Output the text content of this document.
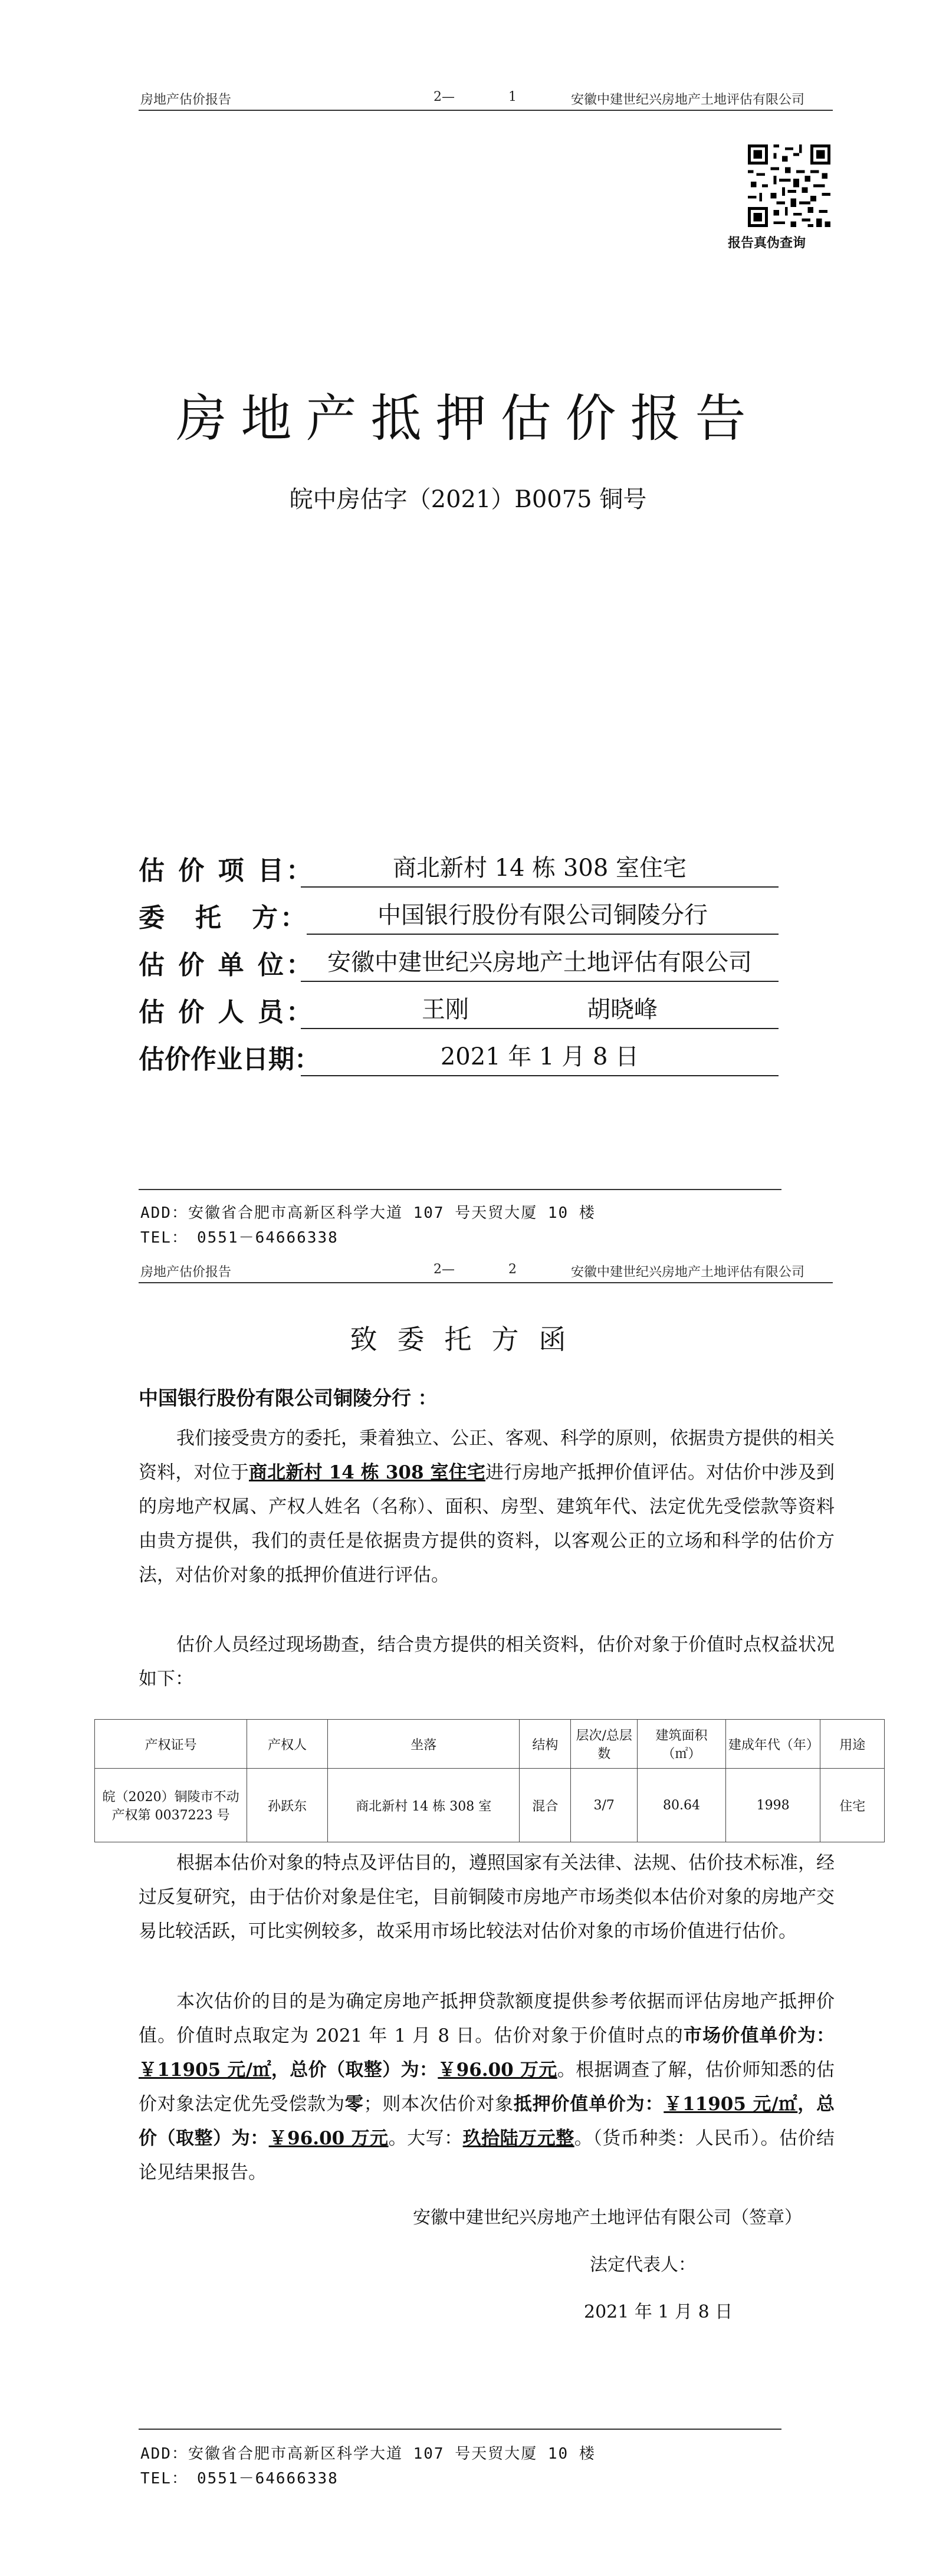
房地产估价报告	2—	1	安徽中建世纪兴房地产土地评估有限公司
报告真伪查询
房地产抵押估价报告
皖中房估字（2021）B0075 铜号
估 价 项 目：	商北新村 14 栋 308 室住宅
委　托　方：	中国银行股份有限公司铜陵分行
估 价 单 位： 安徽中建世纪兴房地产土地评估有限公司
估 价 人 员：	王刚　　　　　胡晓峰
估价作业日期：	2021 年 1 月 8 日
ADD：安徽省合肥市高新区科学大道 107 号天贸大厦 10 楼
TEL：　0551－64666338
房地产估价报告	2—	2	安徽中建世纪兴房地产土地评估有限公司
致委托方函
中国银行股份有限公司铜陵分行 ：
我们接受贵方的委托，秉着独立、公正、客观、科学的原则，依据贵方提供的相关资料，对位于商北新村 14 栋 308 室住宅进行房地产抵押价值评估。对估价中涉及到的房地产权属、产权人姓名（名称）、面积、房型、建筑年代、法定优先受偿款等资料由贵方提供，我们的责任是依据贵方提供的资料，以客观公正的立场和科学的估价方法，对估价对象的抵押价值进行评估。
估价人员经过现场勘查，结合贵方提供的相关资料，估价对象于价值时点权益状况如下：
产权证号	产权人	坐落	结构	层次/总层数	建筑面积（㎡）	建成年代（年）	用途
皖（2020）铜陵市不动产权第 0037223 号	孙跃东	商北新村 14 栋 308 室	混合	3/7	80.64	1998	住宅
根据本估价对象的特点及评估目的，遵照国家有关法律、法规、估价技术标准，经过反复研究，由于估价对象是住宅，目前铜陵市房地产市场类似本估价对象的房地产交易比较活跃，可比实例较多，故采用市场比较法对估价对象的市场价值进行估价。
本次估价的目的是为确定房地产抵押贷款额度提供参考依据而评估房地产抵押价值。价值时点取定为 2021 年 1 月 8 日。估价对象于价值时点的市场价值单价为：￥11905 元/㎡，总价（取整）为：￥96.00 万元。根据调查了解，估价师知悉的估价对象法定优先受偿款为零；则本次估价对象抵押价值单价为：￥11905 元/㎡，总价（取整）为：￥96.00 万元。大写：玖拾陆万元整。（货币种类：人民币）。估价结论见结果报告。
安徽中建世纪兴房地产土地评估有限公司（签章）
法定代表人：
2021 年 1 月 8 日
ADD：安徽省合肥市高新区科学大道 107 号天贸大厦 10 楼
TEL：　0551－64666338
